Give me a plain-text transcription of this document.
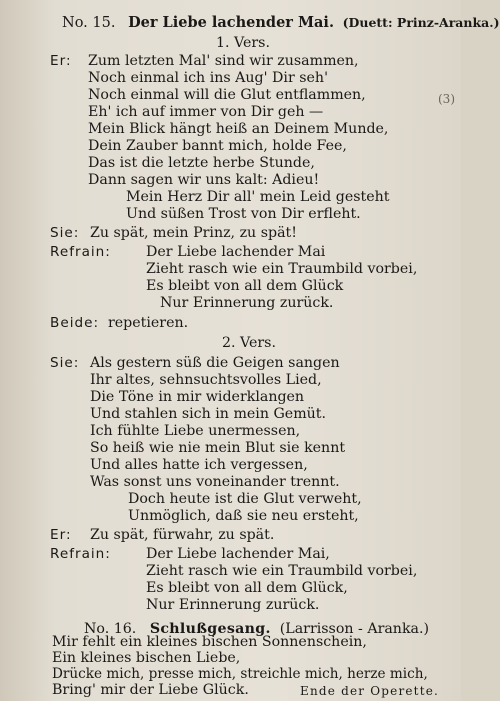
No. 15. Der Liebe lachender Mai. (Duett: Prinz-Aranka.)
1. Vers.
Er: Zum letzten Mal' sind wir zusammen,
Noch einmal ich ins Aug' Dir seh'
Noch einmal will die Glut entflammen,
Eh' ich auf immer von Dir geh —
Mein Blick hängt heiß an Deinem Munde,
Dein Zauber bannt mich, holde Fee,
Das ist die letzte herbe Stunde,
Dann sagen wir uns kalt: Adieu!
Mein Herz Dir all' mein Leid gesteht
Und süßen Trost von Dir erfleht.
Sie: Zu spät, mein Prinz, zu spät!
Refrain: Der Liebe lachender Mai
Zieht rasch wie ein Traumbild vorbei,
Es bleibt von all dem Glück
Nur Erinnerung zurück.
Beide: repetieren.
2. Vers.
Sie: Als gestern süß die Geigen sangen
Ihr altes, sehnsuchtsvolles Lied,
Die Töne in mir widerklangen
Und stahlen sich in mein Gemüt.
Ich fühlte Liebe unermessen,
So heiß wie nie mein Blut sie kennt
Und alles hatte ich vergessen,
Was sonst uns voneinander trennt.
Doch heute ist die Glut verweht,
Unmöglich, daß sie neu ersteht,
Er: Zu spät, fürwahr, zu spät.
Refrain: Der Liebe lachender Mai,
Zieht rasch wie ein Traumbild vorbei,
Es bleibt von all dem Glück,
Nur Erinnerung zurück.
No. 16. Schlußgesang. (Larrisson - Aranka.)
Mir fehlt ein kleines bischen Sonnenschein,
Ein kleines bischen Liebe,
Drücke mich, presse mich, streichle mich, herze mich,
Bring' mir der Liebe Glück.	Ende der Operette.
(3)
